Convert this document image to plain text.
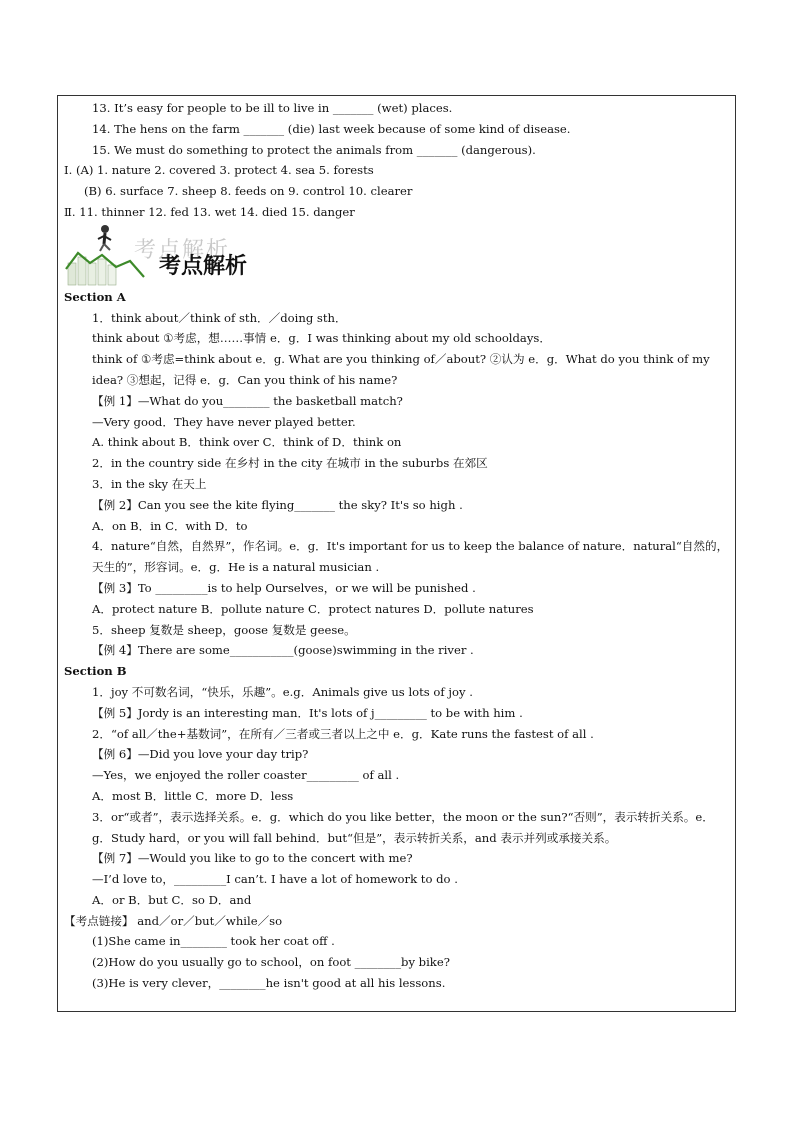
13. It’s easy for people to be ill to live in _______ (wet) places.
14. The hens on the farm _______ (die) last week because of some kind of disease.
15. We must do something to protect the animals from _______ (dangerous).
Ⅰ. (A) 1. nature 2. covered 3. protect 4. sea 5. forests
(B) 6. surface 7. sheep 8. feeds on 9. control 10. clearer
Ⅱ. 11. thinner 12. fed 13. wet 14. died 15. danger
考点解析
考点解析
Section A
1．think about／think of sth．／doing sth．
think about ①考虑，想……事情 e．g．I was thinking about my old schooldays．
think of ①考虑=think about e．g. What are you thinking of／about? ②认为 e．g．What do you think of my idea? ③想起，记得 e．g．Can you think of his name?
【例 1】—What do you________ the basketball match?
—Very good．They have never played better.
A. think about B．think over C．think of D．think on
2．in the country side 在乡村 in the city 在城市 in the suburbs 在郊区
3．in the sky 在天上
【例 2】Can you see the kite flying_______ the sky? It's so high .
A．on B．in C．with D．to
4．nature“自然，自然界”，作名词。e．g．It's important for us to keep the balance of nature．natural“自然的，天生的”，形容词。e．g．He is a natural musician .
【例 3】To _________is to help Ourselves，or we will be punished .
A．protect nature B．pollute nature C．protect natures D．pollute natures
5．sheep 复数是 sheep，goose 复数是 geese。
【例 4】There are some___________(goose)swimming in the river .
Section B
1．joy 不可数名词，“快乐，乐趣”。e.g．Animals give us lots of joy .
【例 5】Jordy is an interesting man．It's lots of j_________ to be with him .
2．“of all／the+基数词”，在所有／三者或三者以上之中 e．g．Kate runs the fastest of all .
【例 6】—Did you love your day trip?
—Yes，we enjoyed the roller coaster_________ of all .
A．most B．little C．more D．less
3．or“或者”，表示选择关系。e．g．which do you like better，the moon or the sun?“否则”，表示转折关系。e．g．Study hard，or you will fall behind．but“但是”，表示转折关系，and 表示并列或承接关系。
【例 7】—Would you like to go to the concert with me?
—I’d love to，_________I can’t. I have a lot of homework to do .
A．or B．but C．so D．and
【考点链接】 and／or／but／while／so
(1)She came in________ took her coat off .
(2)How do you usually go to school，on foot ________by bike?
(3)He is very clever，________he isn't good at all his lessons.
